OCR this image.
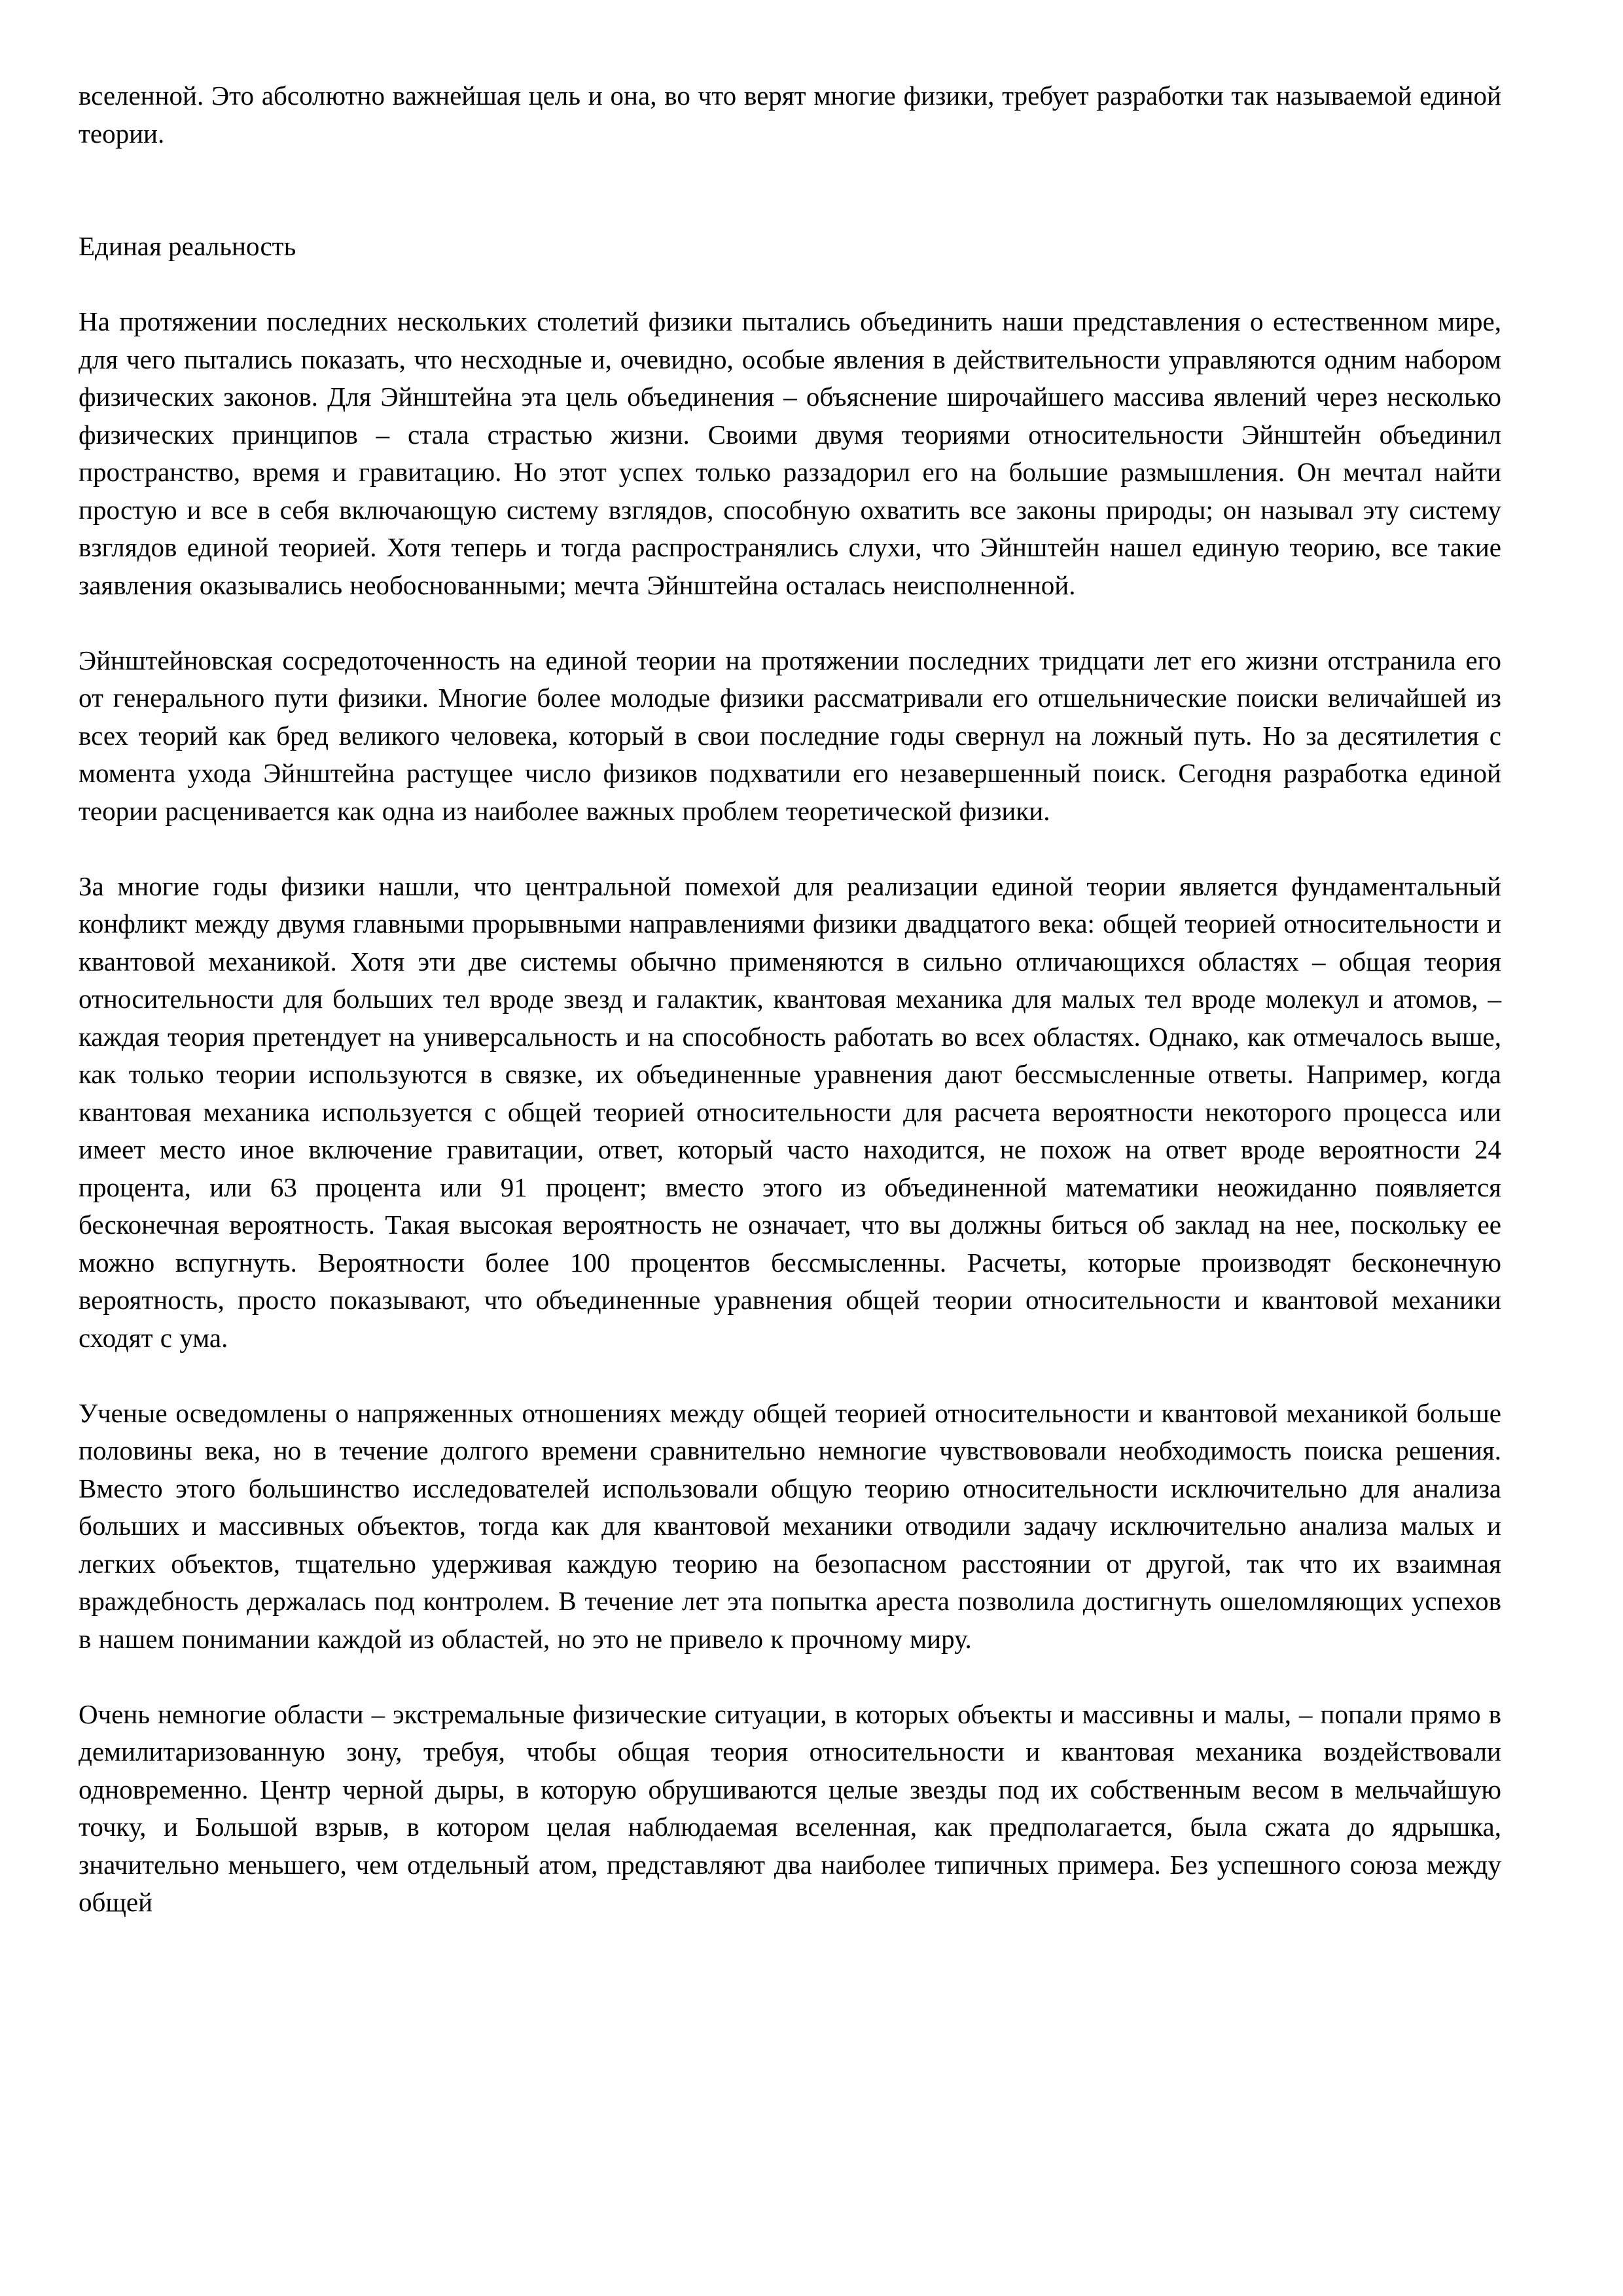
вселенной. Это абсолютно важнейшая цель и она, во что верят многие физики, требует разработки так называемой единой теории.

Единая реальность

На протяжении последних нескольких столетий физики пытались объединить наши представления о естественном мире, для чего пытались показать, что несходные и, очевидно, особые явления в действительности управляются одним набором физических законов. Для Эйнштейна эта цель объединения – объяснение широчайшего массива явлений через несколько физических принципов – стала страстью жизни. Своими двумя теориями относительности Эйнштейн объединил пространство, время и гравитацию. Но этот успех только раззадорил его на большие размышления. Он мечтал найти простую и все в себя включающую систему взглядов, способную охватить все законы природы; он называл эту систему взглядов единой теорией. Хотя теперь и тогда распространялись слухи, что Эйнштейн нашел единую теорию, все такие заявления оказывались необоснованными; мечта Эйнштейна осталась неисполненной.

Эйнштейновская сосредоточенность на единой теории на протяжении последних тридцати лет его жизни отстранила его от генерального пути физики. Многие более молодые физики рассматривали его отшельнические поиски величайшей из всех теорий как бред великого человека, который в свои последние годы свернул на ложный путь. Но за десятилетия с момента ухода Эйнштейна растущее число физиков подхватили его незавершенный поиск. Сегодня разработка единой теории расценивается как одна из наиболее важных проблем теоретической физики.

За многие годы физики нашли, что центральной помехой для реализации единой теории является фундаментальный конфликт между двумя главными прорывными направлениями физики двадцатого века: общей теорией относительности и квантовой механикой. Хотя эти две системы обычно применяются в сильно отличающихся областях – общая теория относительности для больших тел вроде звезд и галактик, квантовая механика для малых тел вроде молекул и атомов, – каждая теория претендует на универсальность и на способность работать во всех областях. Однако, как отмечалось выше, как только теории используются в связке, их объединенные уравнения дают бессмысленные ответы. Например, когда квантовая механика используется с общей теорией относительности для расчета вероятности некоторого процесса или имеет место иное включение гравитации, ответ, который часто находится, не похож на ответ вроде вероятности 24 процента, или 63 процента или 91 процент; вместо этого из объединенной математики неожиданно появляется бесконечная вероятность. Такая высокая вероятность не означает, что вы должны биться об заклад на нее, поскольку ее можно вспугнуть. Вероятности более 100 процентов бессмысленны. Расчеты, которые производят бесконечную вероятность, просто показывают, что объединенные уравнения общей теории относительности и квантовой механики сходят с ума.

Ученые осведомлены о напряженных отношениях между общей теорией относительности и квантовой механикой больше половины века, но в течение долгого времени сравнительно немногие чувствововали необходимость поиска решения. Вместо этого большинство исследователей использовали общую теорию относительности исключительно для анализа больших и массивных объектов, тогда как для квантовой механики отводили задачу исключительно анализа малых и легких объектов, тщательно удерживая каждую теорию на безопасном расстоянии от другой, так что их взаимная враждебность держалась под контролем. В течение лет эта попытка ареста позволила достигнуть ошеломляющих успехов в нашем понимании каждой из областей, но это не привело к прочному миру.

Очень немногие области – экстремальные физические ситуации, в которых объекты и массивны и малы, – попали прямо в демилитаризованную зону, требуя, чтобы общая теория относительности и квантовая механика воздействовали одновременно. Центр черной дыры, в которую обрушиваются целые звезды под их собственным весом в мельчайшую точку, и Большой взрыв, в котором целая наблюдаемая вселенная, как предполагается, была сжата до ядрышка, значительно меньшего, чем отдельный атом, представляют два наиболее типичных примера. Без успешного союза между общей
